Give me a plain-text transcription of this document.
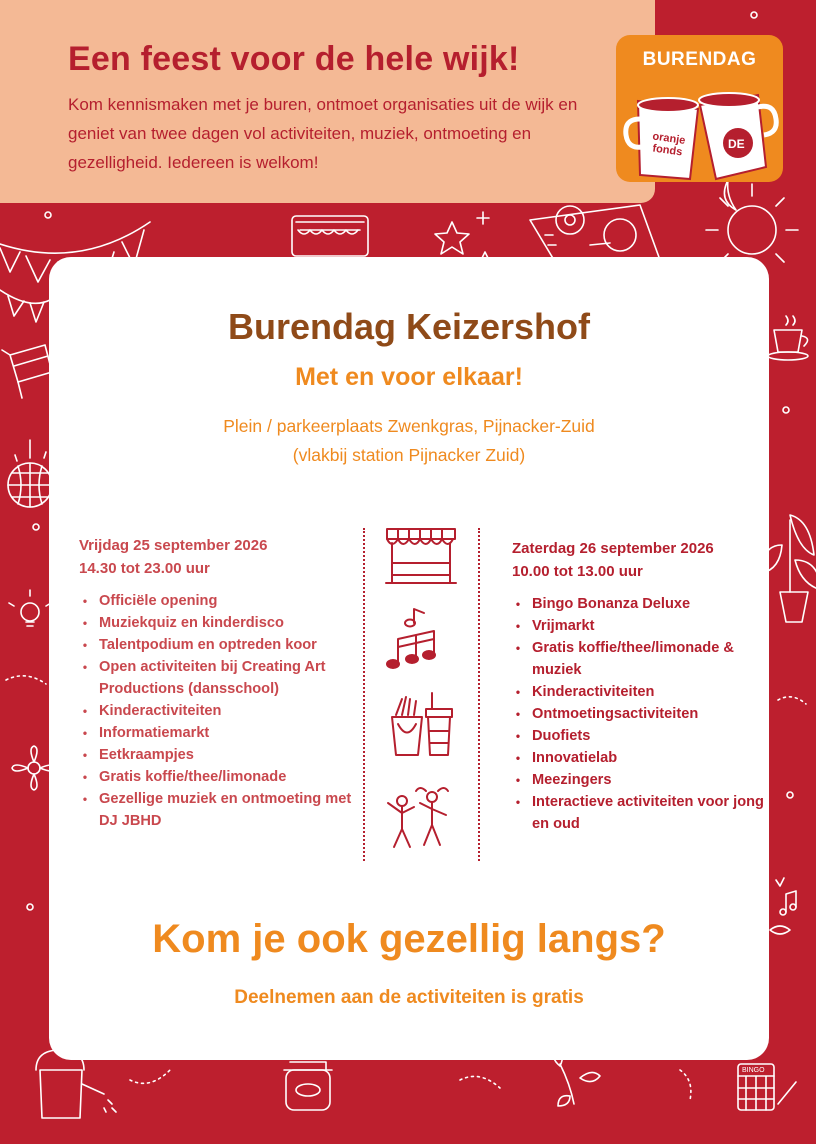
BINGO
Een feest voor de hele wijk!

Kom kennismaken met je buren, ontmoet organisaties uit de wijk en geniet van twee dagen vol activiteiten, muziek, ontmoeting en gezelligheid. Iedereen is welkom!

BURENDAG
oranje
fonds	DE
Burendag Keizershof

Met en voor elkaar!

Plein / parkeerplaats Zwenkgras, Pijnacker-Zuid
(vlakbij station Pijnacker Zuid)

Vrijdag 25 september 2026

14.30 tot 23.00 uur

• Officiële opening
• Muziekquiz en kinderdisco
• Talentpodium en optreden koor
• Open activiteiten bij Creating Art Productions (dansschool)
• Kinderactiviteiten
• Informatiemarkt
• Eetkraampjes
• Gratis koffie/thee/limonade
• Gezellige muziek en ontmoeting met DJ JBHD

Zaterdag 26 september 2026

10.00 tot 13.00 uur

• Bingo Bonanza Deluxe
• Vrijmarkt
• Gratis koffie/thee/limonade & muziek
• Kinderactiviteiten
• Ontmoetingsactiviteiten
• Duofiets
• Innovatielab
• Meezingers
• Interactieve activiteiten voor jong en oud

Kom je ook gezellig langs?

Deelnemen aan de activiteiten is gratis
